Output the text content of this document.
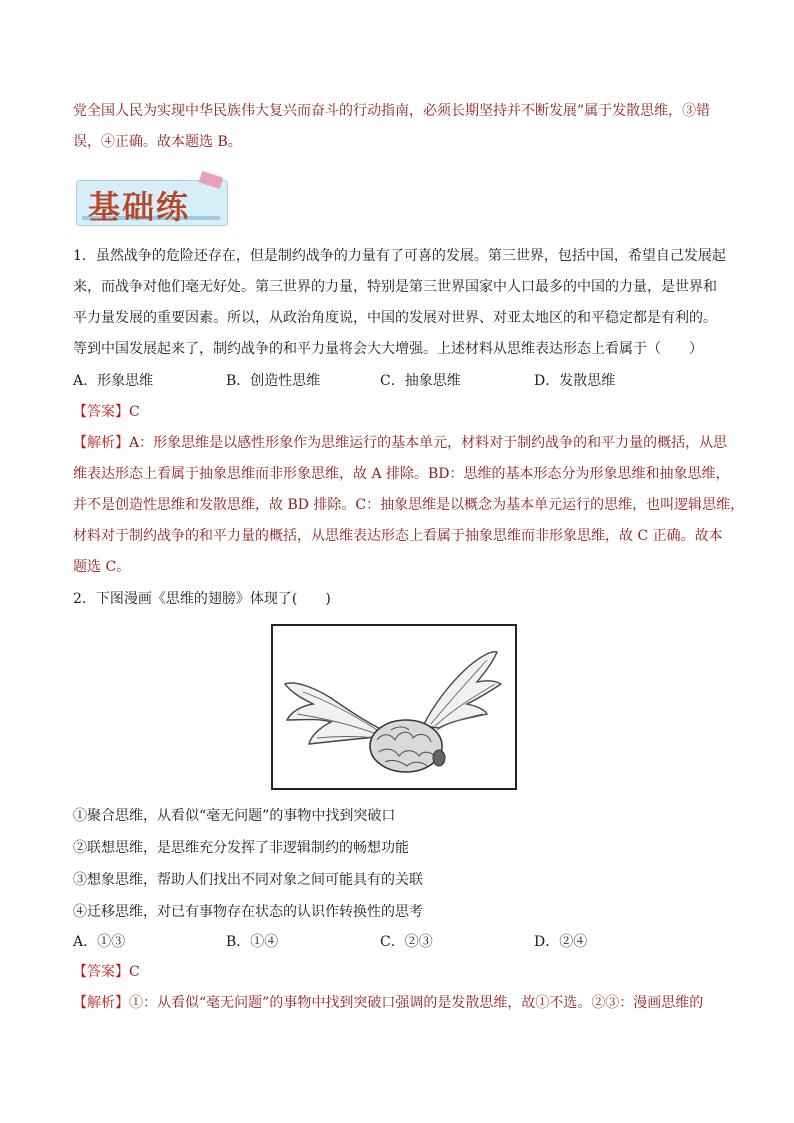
党全国人民为实现中华民族伟大复兴而奋斗的行动指南，必须长期坚持并不断发展”属于发散思维，③错
误，④正确。故本题选 B。
基础练
1．虽然战争的危险还存在，但是制约战争的力量有了可喜的发展。第三世界，包括中国，希望自己发展起
来，而战争对他们毫无好处。第三世界的力量，特别是第三世界国家中人口最多的中国的力量，是世界和
平力量发展的重要因素。所以，从政治角度说，中国的发展对世界、对亚太地区的和平稳定都是有利的。
等到中国发展起来了，制约战争的和平力量将会大大增强。上述材料从思维表达形态上看属于（　　）
A．形象思维	B．创造性思维	C．抽象思维	D．发散思维
【答案】C
【解析】A：形象思维是以感性形象作为思维运行的基本单元，材料对于制约战争的和平力量的概括，从思
维表达形态上看属于抽象思维而非形象思维，故 A 排除。BD：思维的基本形态分为形象思维和抽象思维，
并不是创造性思维和发散思维，故 BD 排除。C：抽象思维是以概念为基本单元运行的思维，也叫逻辑思维，
材料对于制约战争的和平力量的概括，从思维表达形态上看属于抽象思维而非形象思维，故 C 正确。故本
题选 C。
2．下图漫画《思维的翅膀》体现了(　　)
①聚合思维，从看似“毫无问题”的事物中找到突破口
②联想思维，是思维充分发挥了非逻辑制约的畅想功能
③想象思维，帮助人们找出不同对象之间可能具有的关联
④迁移思维，对已有事物存在状态的认识作转换性的思考
A．①③	B．①④	C．②③	D．②④
【答案】C
【解析】①：从看似“毫无问题”的事物中找到突破口强调的是发散思维，故①不选。②③：漫画思维的
